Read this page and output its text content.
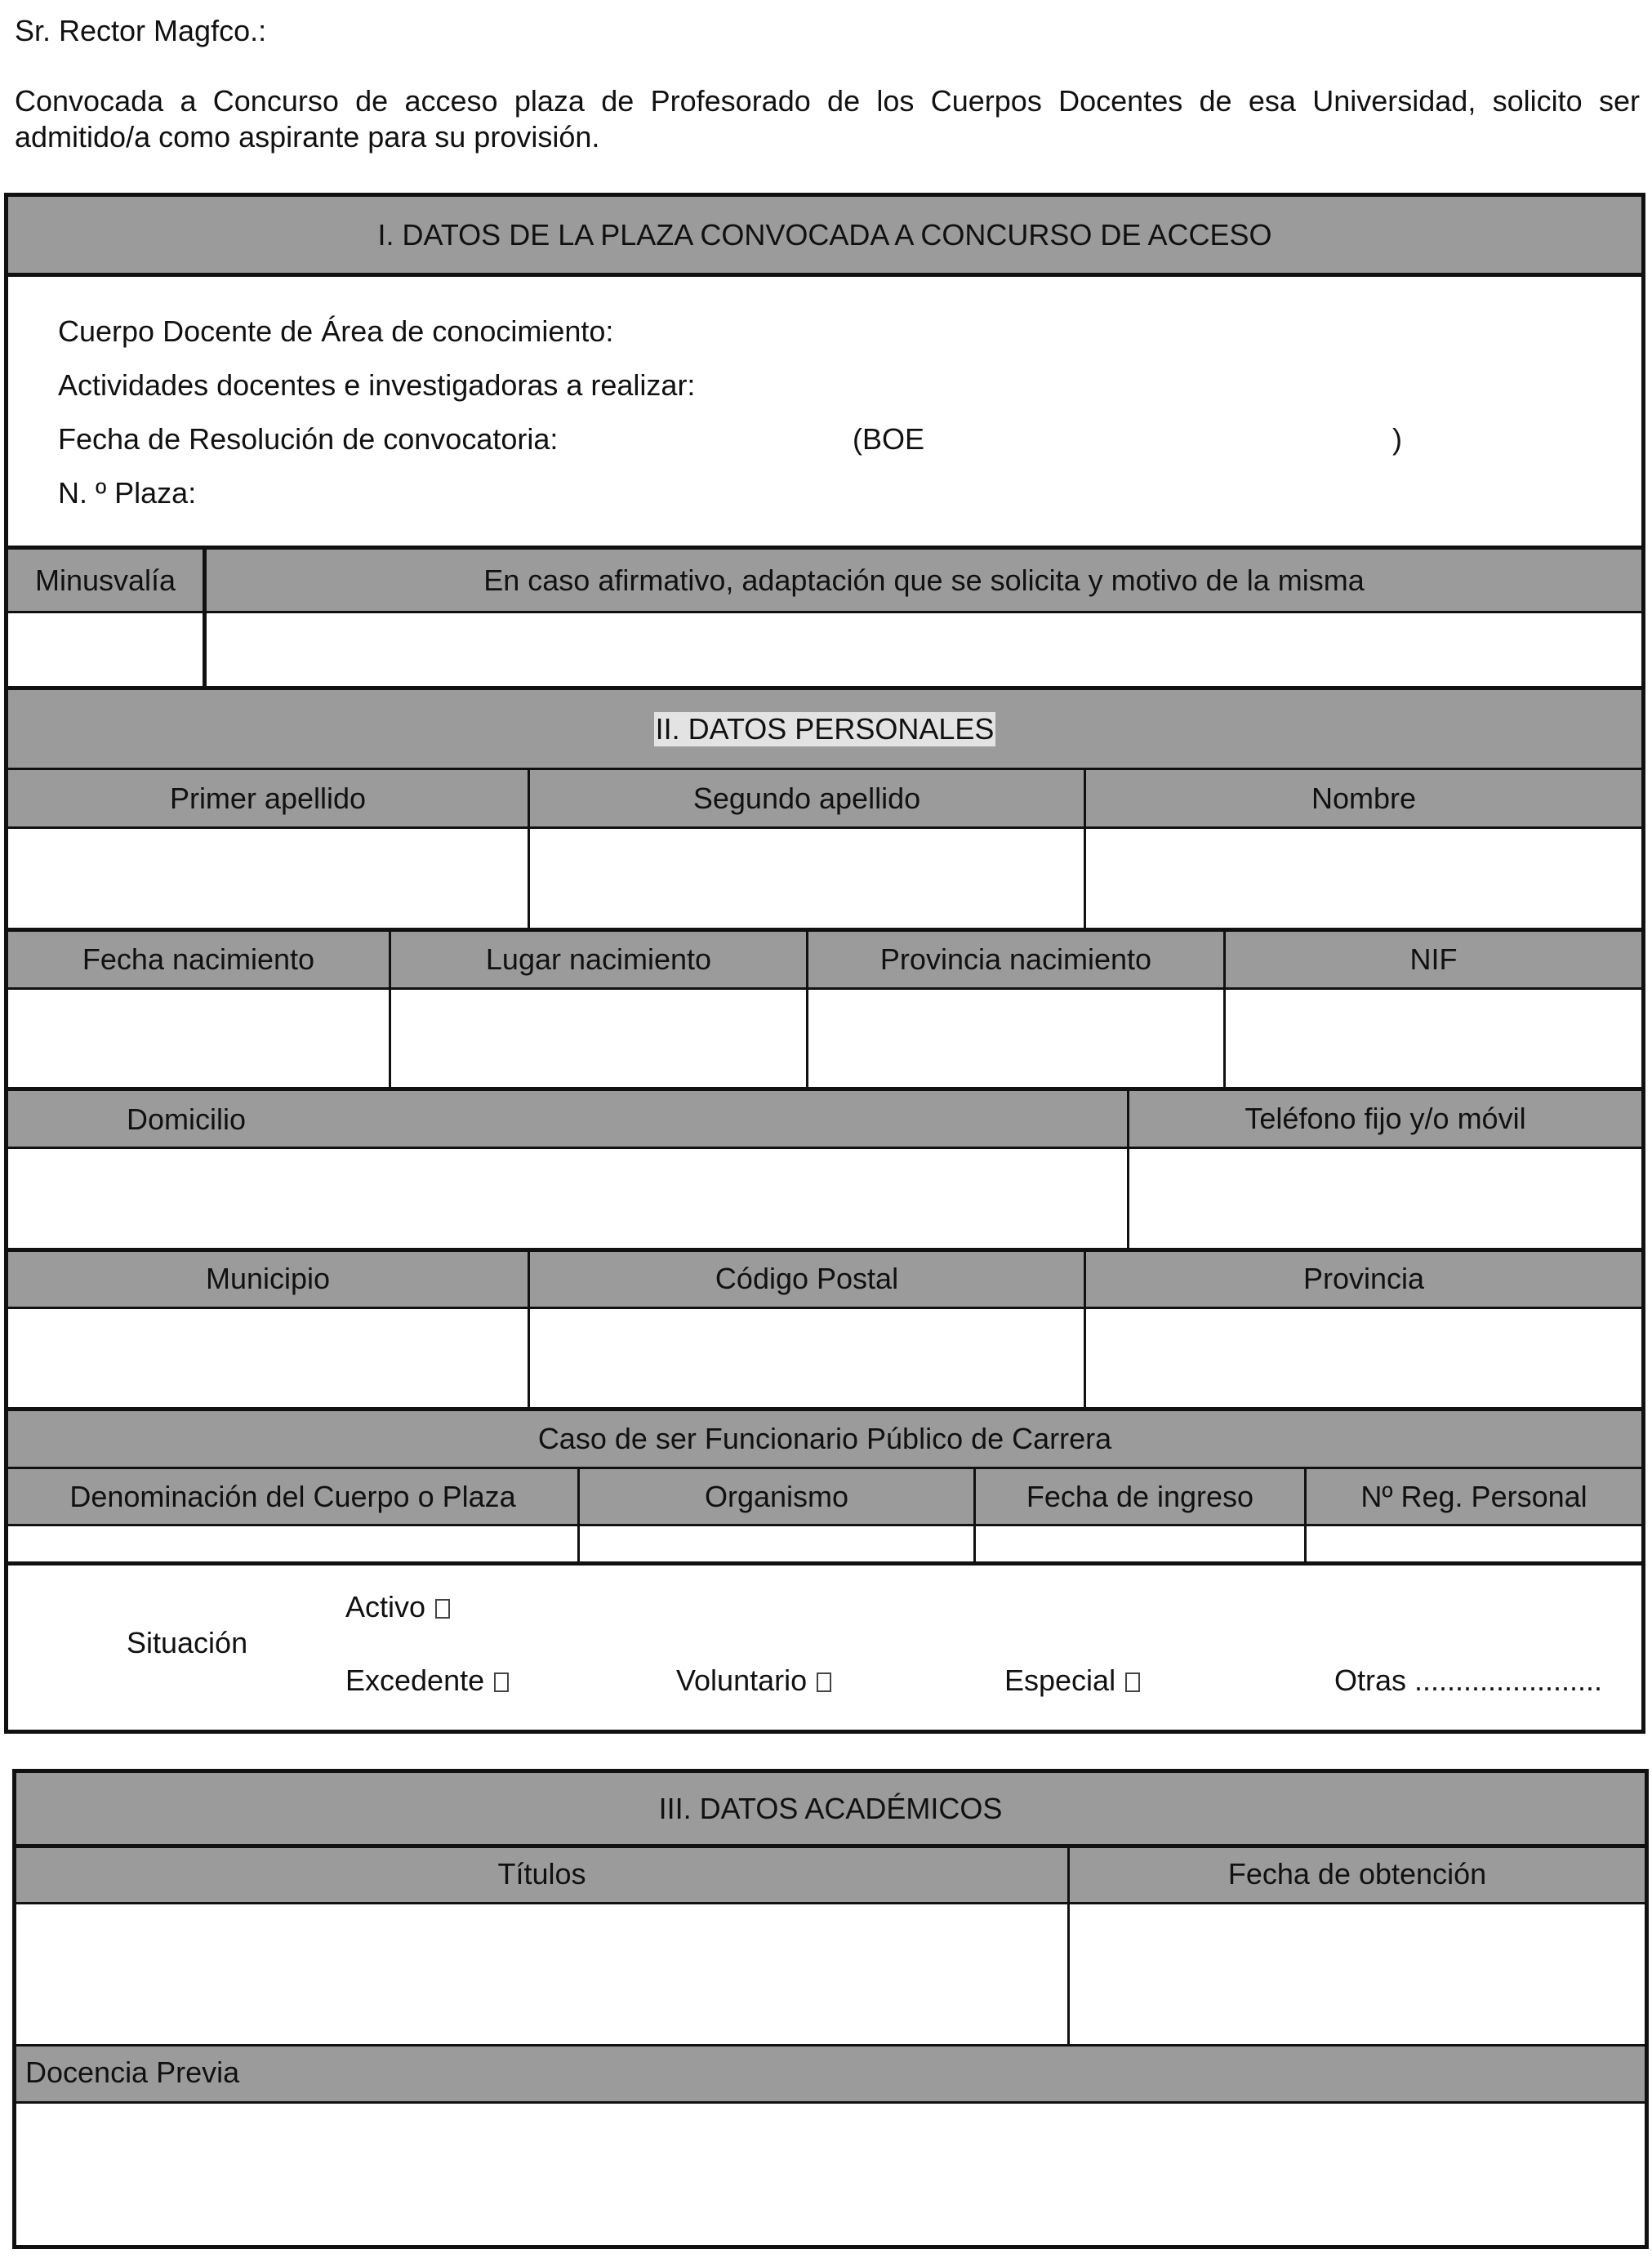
Sr. Rector Magfco.:
Convocada a Concurso de acceso plaza de Profesorado de los Cuerpos Docentes de esa Universidad, solicito ser
admitido/a como aspirante para su provisión.
I. DATOS DE LA PLAZA CONVOCADA A CONCURSO DE ACCESO
Cuerpo Docente de Área de conocimiento:
Actividades docentes e investigadoras a realizar:
Fecha de Resolución de convocatoria:	(BOE	)
N. º Plaza:
Minusvalía	En caso afirmativo, adaptación que se solicita y motivo de la misma
II. DATOS PERSONALES
Primer apellido	Segundo apellido	Nombre
Fecha nacimiento	Lugar nacimiento	Provincia nacimiento	NIF
Domicilio	Teléfono fijo y/o móvil
Municipio	Código Postal	Provincia
Caso de ser Funcionario Público de Carrera
Denominación del Cuerpo o Plaza	Organismo	Fecha de ingreso	Nº Reg. Personal
Situación
Activo
Excedente	Voluntario	Especial	Otras .......................
III. DATOS ACADÉMICOS
Títulos	Fecha de obtención
Docencia Previa
